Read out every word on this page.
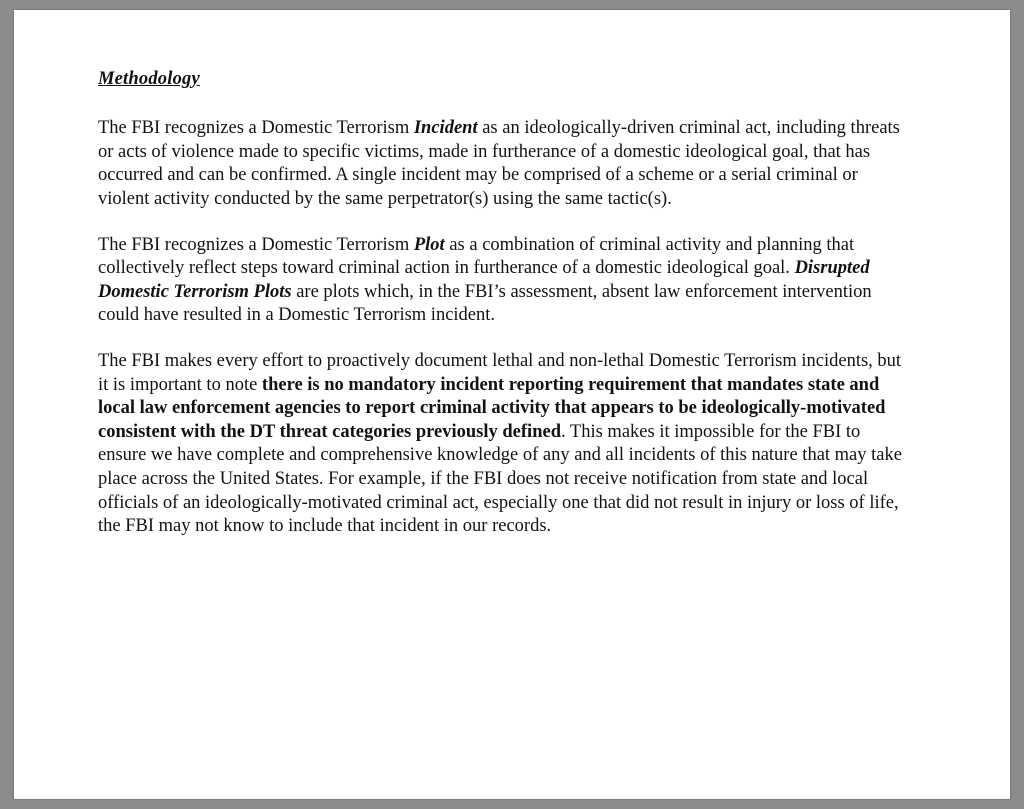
Methodology

The FBI recognizes a Domestic Terrorism Incident as an ideologically-driven criminal act, including threats or acts of violence made to specific victims, made in furtherance of a domestic ideological goal, that has occurred and can be confirmed. A single incident may be comprised of a scheme or a serial criminal or violent activity conducted by the same perpetrator(s) using the same tactic(s).

The FBI recognizes a Domestic Terrorism Plot as a combination of criminal activity and planning that collectively reflect steps toward criminal action in furtherance of a domestic ideological goal. Disrupted Domestic Terrorism Plots are plots which, in the FBI’s assessment, absent law enforcement intervention could have resulted in a Domestic Terrorism incident.

The FBI makes every effort to proactively document lethal and non-lethal Domestic Terrorism incidents, but it is important to note there is no mandatory incident reporting requirement that mandates state and local law enforcement agencies to report criminal activity that appears to be ideologically-motivated consistent with the DT threat categories previously defined. This makes it impossible for the FBI to ensure we have complete and comprehensive knowledge of any and all incidents of this nature that may take place across the United States. For example, if the FBI does not receive notification from state and local officials of an ideologically-motivated criminal act, especially one that did not result in injury or loss of life, the FBI may not know to include that incident in our records.
